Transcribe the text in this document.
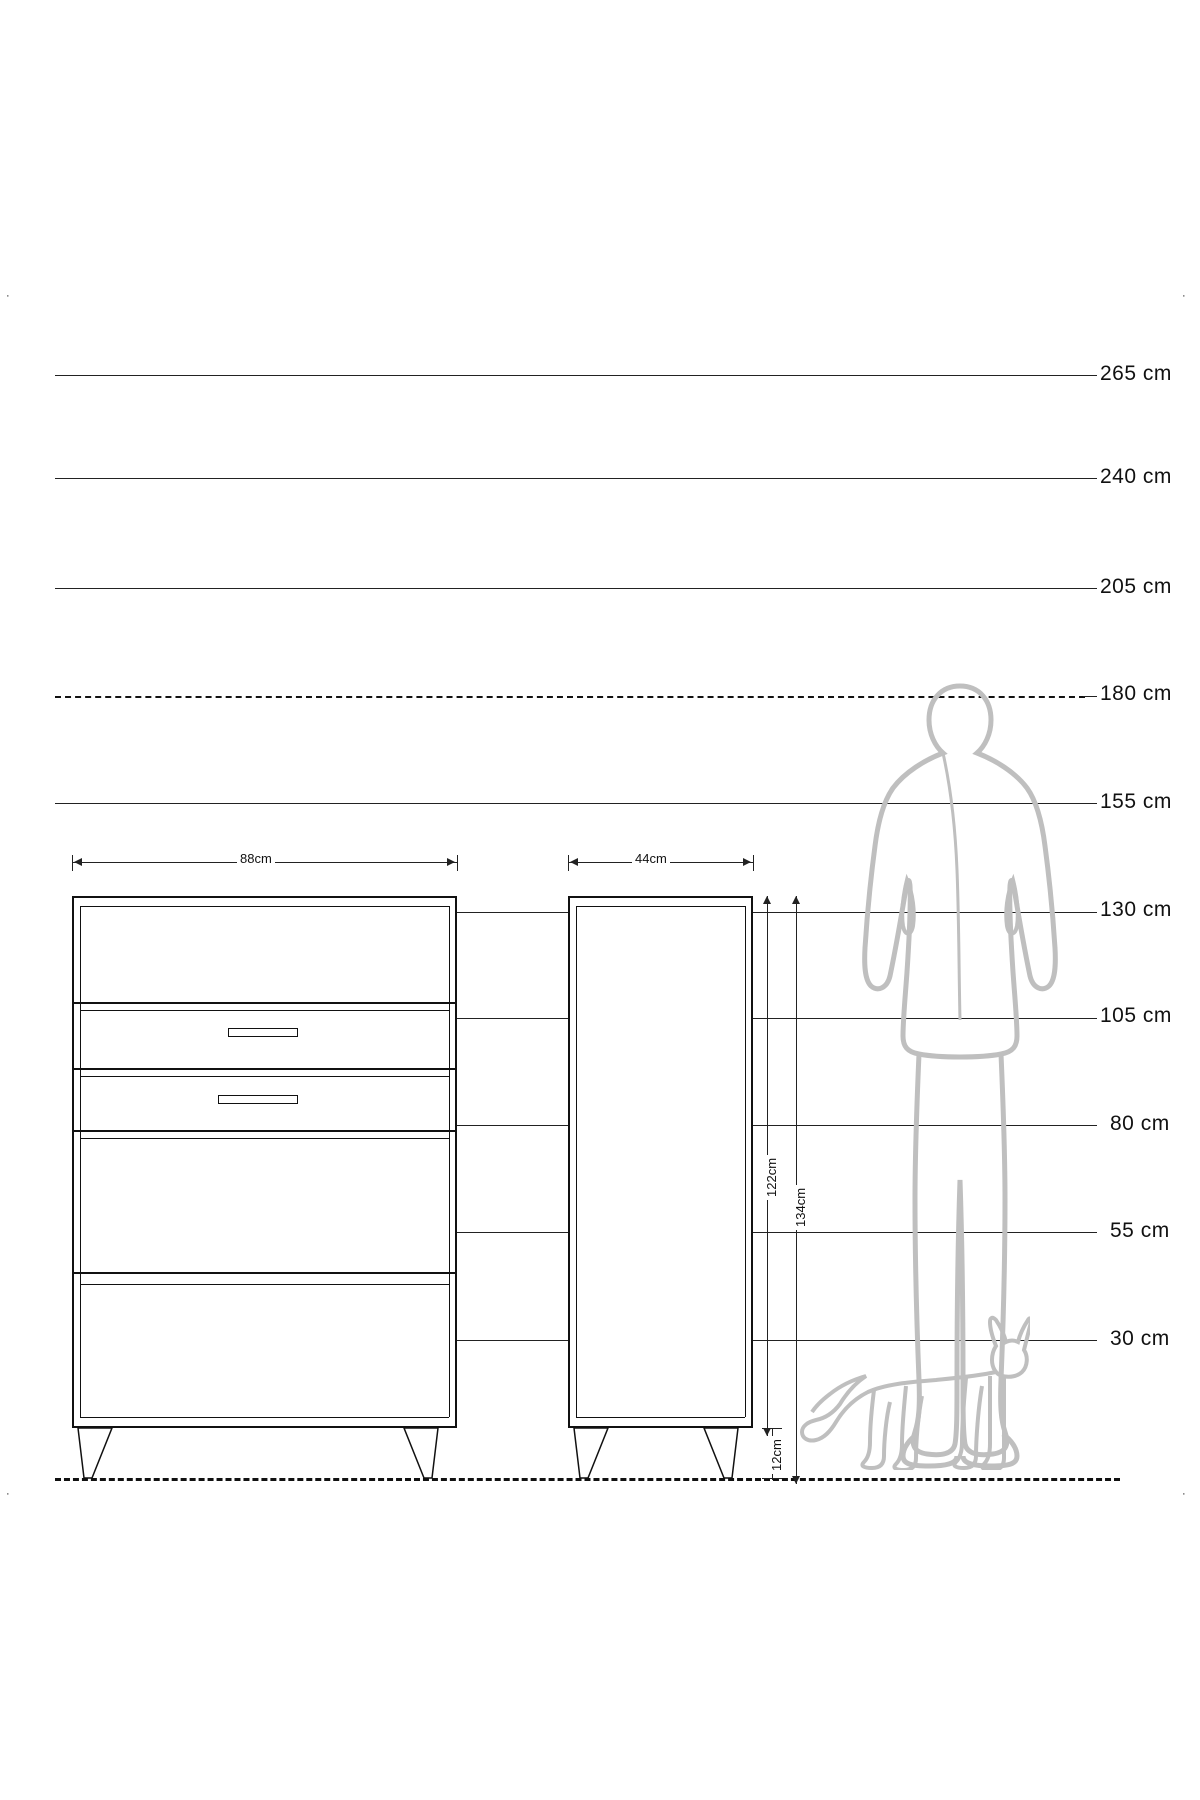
·	·
·	·
265 cm
240 cm
205 cm
180 cm
155 cm
130 cm
105 cm
80 cm
55 cm
30 cm
88cm	44cm
122cm
134cm
12cm
